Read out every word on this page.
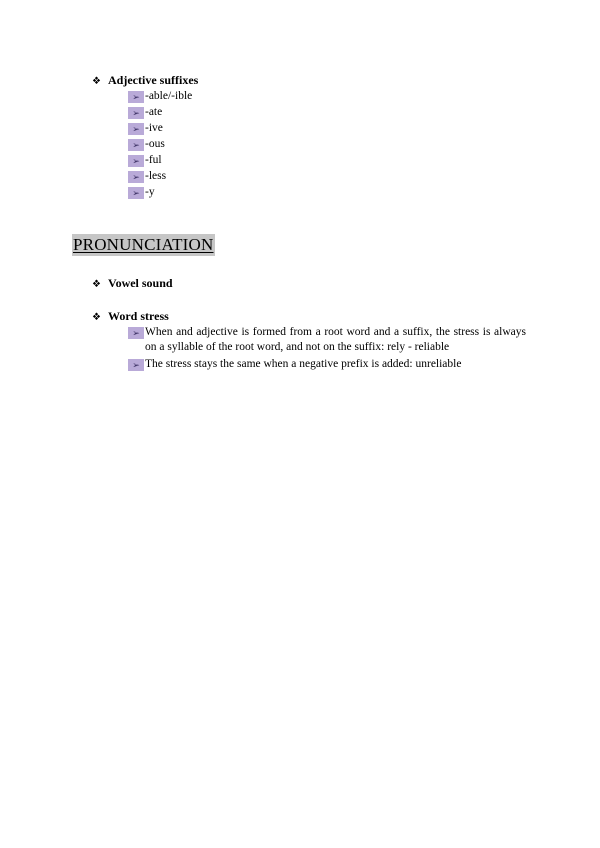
❖ Adjective suffixes
➢ -able/-ible
➢ -ate
➢ -ive
➢ -ous
➢ -ful
➢ -less
➢ -y
PRONUNCIATION
❖ Vowel sound
❖ Word stress
➢ When and adjective is formed from a root word and a suffix, the stress is always on a syllable of the root word, and not on the suffix: rely - reliable
➢ The stress stays the same when a negative prefix is added: unreliable
